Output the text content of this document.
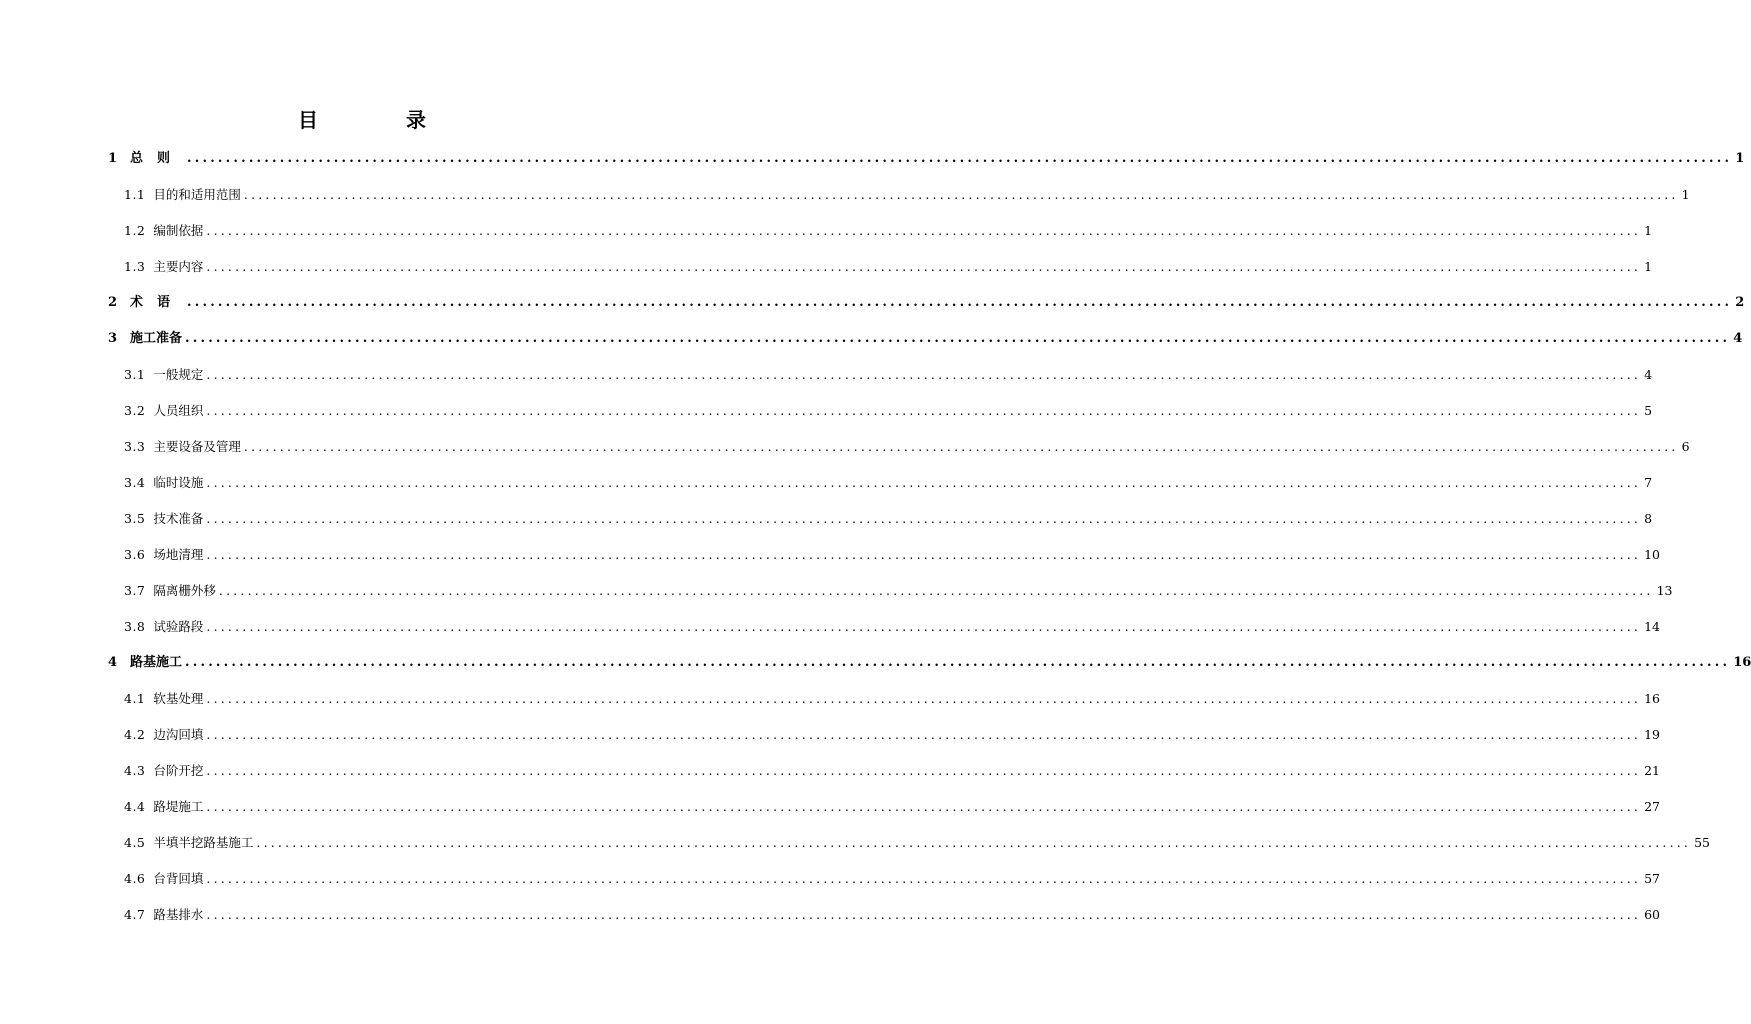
目　录
1 总则 ........................................................................................................................................................................................................ 1
1.1 目的和适用范围 ........................................................................................................................................................................................................ 1
1.2 编制依据 ........................................................................................................................................................................................................ 1
1.3 主要内容 ........................................................................................................................................................................................................ 1
2 术语 ........................................................................................................................................................................................................ 2
3 施工准备 ........................................................................................................................................................................................................ 4
3.1 一般规定 ........................................................................................................................................................................................................ 4
3.2 人员组织 ........................................................................................................................................................................................................ 5
3.3 主要设备及管理 ........................................................................................................................................................................................................ 6
3.4 临时设施 ........................................................................................................................................................................................................ 7
3.5 技术准备 ........................................................................................................................................................................................................ 8
3.6 场地清理 ........................................................................................................................................................................................................ 10
3.7 隔离栅外移 ........................................................................................................................................................................................................ 13
3.8 试验路段 ........................................................................................................................................................................................................ 14
4 路基施工 ........................................................................................................................................................................................................ 16
4.1 软基处理 ........................................................................................................................................................................................................ 16
4.2 边沟回填 ........................................................................................................................................................................................................ 19
4.3 台阶开挖 ........................................................................................................................................................................................................ 21
4.4 路堤施工 ........................................................................................................................................................................................................ 27
4.5 半填半挖路基施工 ........................................................................................................................................................................................................ 55
4.6 台背回填 ........................................................................................................................................................................................................ 57
4.7 路基排水 ........................................................................................................................................................................................................ 60
